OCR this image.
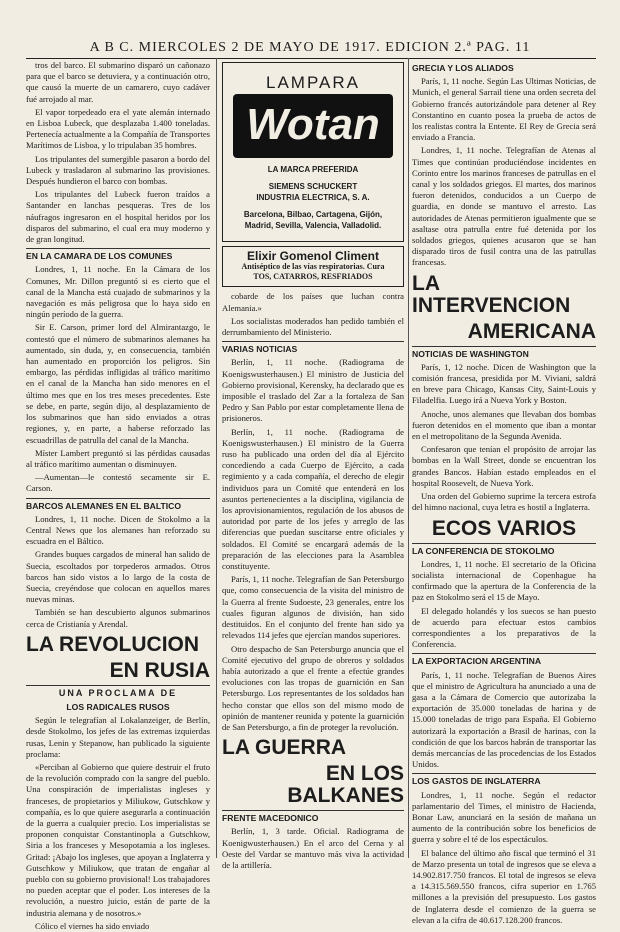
A B C. MIERCOLES 2 DE MAYO DE 1917. EDICION 2.ª PAG. 11

tros del barco. El submarino disparó un cañonazo para que el barco se detuviera, y a continuación otro, que causó la muerte de un camarero, cuyo cadáver fué arrojado al mar.

El vapor torpedeado era el yate alemán internado en Lisboa Lubeck, que desplazaba 1.400 toneladas. Pertenecía actualmente a la Compañía de Transportes Marítimos de Lisboa, y lo tripulaban 35 hombres.

Los tripulantes del sumergible pasaron a bordo del Lubeck y trasladaron al submarino las provisiones. Después hundieron el barco con bombas.

Los tripulantes del Lubeck fueron traídos a Santander en lanchas pesqueras. Tres de los náufragos ingresaron en el hospital heridos por los disparos del submarino, el cual era muy moderno y de gran longitud.

EN LA CAMARA DE LOS COMUNES

Londres, 1, 11 noche. En la Cámara de los Comunes, Mr. Dillon preguntó si es cierto que el canal de la Mancha está cuajado de submarinos y la navegación es más peligrosa que lo haya sido en ningún período de la guerra.

Sir E. Carson, primer lord del Almirantazgo, le contestó que el número de submarinos alemanes ha aumentado, sin duda, y, en consecuencia, también han aumentado en proporción los peligros. Sin embargo, las pérdidas infligidas al tráfico marítimo en el canal de la Mancha han sido menores en el último mes que en los tres meses precedentes. Este se debe, en parte, según dijo, al desplazamiento de los submarinos que han sido enviados a otras regiones, y, en parte, a haberse reforzado las escuadrillas de patrulla del canal de la Mancha.

Míster Lambert preguntó si las pérdidas causadas al tráfico marítimo aumentan o disminuyen.

—Aumentan—le contestó secamente sir E. Carson.

BARCOS ALEMANES EN EL BALTICO

Londres, 1, 11 noche. Dicen de Stokolmo a la Central News que los alemanes han reforzado su escuadra en el Báltico.

Grandes buques cargados de mineral han salido de Suecia, escoltados por torpederos armados. Otros barcos han sido vistos a lo largo de la costa de Suecia, creyéndose que colocan en aquellos mares nuevas minas.

También se han descubierto algunos submarinos cerca de Cristianía y Arendal.

LA REVOLUCION
EN RUSIA
UNA PROCLAMA DE
LOS RADICALES RUSOS

Según le telegrafían al Lokalanzeiger, de Berlín, desde Stokolmo, los jefes de las extremas izquierdas rusas, Lenin y Stepanow, han publicado la siguiente proclama:

«Perciban al Gobierno que quiere destruir el fruto de la revolución comprado con la sangre del pueblo. Una conspiración de imperialistas ingleses y franceses, de propietarios y Miliukow, Gutschkow y compañía, es lo que quiere asegurarla a continuación de la guerra a cualquier precio. Los imperialistas se proponen conquistar Constantinopla a Gutschkow, Siria a los franceses y Mesopotamia a los ingleses. Gritad: ¡Abajo los ingleses, que apoyan a Inglaterra y Gutschkow y Miliukow, que tratan de engañar al pueblo con su gobierno provisional! Los trabajadores no pueden aceptar que el poder. Los intereses de la revolución, a nuestro juicio, están de parte de la industria alemana y de nosotros.»

Cólico el viernes ha sido enviado

LAMPARA
Wotan
LA MARCA PREFERIDA
SIEMENS SCHUCKERT
INDUSTRIA ELECTRICA, S. A.
Barcelona, Bilbao, Cartagena, Gijón,
Madrid, Sevilla, Valencia, Valladolid.
Elixir Gomenol Climent
Antiséptico de las vías respiratorias. Cura
TOS, CATARROS, RESFRIADOS

cobarde de los países que luchan contra Alemania.»

Los socialistas moderados han pedido también el derrumbamiento del Ministerio.

VARIAS NOTICIAS

Berlín, 1, 11 noche. (Radiograma de Koenigswusterhausen.) El ministro de Justicia del Gobierno provisional, Kerensky, ha declarado que es imposible el traslado del Zar a la fortaleza de San Pedro y San Pablo por estar completamente llena de prisioneros.

Berlín, 1, 11 noche. (Radiograma de Koenigswusterhausen.) El ministro de la Guerra ruso ha publicado una orden del día al Ejército concediendo a cada Cuerpo de Ejército, a cada regimiento y a cada compañía, el derecho de elegir individuos para un Comité que entenderá en los asuntos pertenecientes a la disciplina, vigilancia de los aprovisionamientos, regulación de los abusos de autoridad por parte de los jefes y arreglo de las diferencias que puedan suscitarse entre oficiales y soldados. El Comité se encargará además de la preparación de las elecciones para la Asamblea constituyente.

París, 1, 11 noche. Telegrafían de San Petersburgo que, como consecuencia de la visita del ministro de la Guerra al frente Sudoeste, 23 generales, entre los cuales figuran algunos de división, han sido destituidos. En el conjunto del frente han sido ya relevados 114 jefes que ejercían mandos superiores.

Otro despacho de San Petersburgo anuncia que el Comité ejecutivo del grupo de obreros y soldados había autorizado a que el frente a efectúe grandes evoluciones con las tropas de guarnición en San Petersburgo. Los representantes de los soldados han hecho constar que ellos son del mismo modo de opinión de mantener reunida y potente la guarnición de San Petersburgo, a fin de proteger la revolución.

LA GUERRA
EN LOS BALKANES
FRENTE MACEDONICO

Berlín, 1, 3 tarde. Oficial. Radiograma de Koenigwusterhausen.) En el arco del Cerna y al Oeste del Vardar se mantuvo más viva la actividad de la artillería.

GRECIA Y LOS ALIADOS

París, 1, 11 noche. Según Las Ultimas Noticias, de Munich, el general Sarrail tiene una orden secreta del Gobierno francés autorizándole para detener al Rey Constantino en cuanto posea la prueba de actos de los realistas contra la Entente. El Rey de Grecia será enviado a Francia.

Londres, 1, 11 noche. Telegrafían de Atenas al Times que continúan produciéndose incidentes en Corinto entre los marinos franceses de patrullas en el canal y los soldados griegos. El martes, dos marinos fueron detenidos, conducidos a un Cuerpo de guardia, en donde se mantuvo el arresto. Las autoridades de Atenas permitieron igualmente que se asaltase otra patrulla entre fué detenida por los soldados griegos, quienes acusaron que se han disparado tiros de fusil contra una de las patrullas francesas.

LA INTERVENCION
AMERICANA
NOTICIAS DE WASHINGTON

París, 1, 12 noche. Dicen de Washington que la comisión francesa, presidida por M. Viviani, saldrá en breve para Chicago, Kansas City, Saint-Louis y Filadelfia. Luego irá a Nueva York y Boston.

Anoche, unos alemanes que llevaban dos bombas fueron detenidos en el momento que iban a montar en el metropolitano de la Segunda Avenida.

Confesaron que tenían el propósito de arrojar las bombas en la Wall Street, donde se encuentran los grandes Bancos. Habían estado empleados en el hospital Roosevelt, de Nueva York.

Una orden del Gobierno suprime la tercera estrofa del himno nacional, cuya letra es hostil a Inglaterra.

ECOS VARIOS
LA CONFERENCIA DE STOKOLMO

Londres, 1, 11 noche. El secretario de la Oficina socialista internacional de Copenhague ha confirmado que la apertura de la Conferencia de la paz en Stokolmo será el 15 de Mayo.

El delegado holandés y los suecos se han puesto de acuerdo para efectuar estos cambios correspondientes a los preparativos de la Conferencia.

LA EXPORTACION ARGENTINA

París, 1, 11 noche. Telegrafían de Buenos Aires que el ministro de Agricultura ha anunciado a una de gasa a la Cámara de Comercio que autorizaba la exportación de 35.000 toneladas de harina y de 15.000 toneladas de trigo para España. El Gobierno autorizará la exportación a Brasil de harinas, con la condición de que los barcos habrán de transportar las demás mercancías de las procedencias de los Estados Unidos.

LOS GASTOS DE INGLATERRA

Londres, 1, 11 noche. Según el redactor parlamentario del Times, el ministro de Hacienda, Bonar Law, anunciará en la sesión de mañana un aumento de la contribución sobre los beneficios de guerra y sobre el té de los espectáculos.

El balance del último año fiscal que terminó el 31 de Marzo presenta un total de ingresos que se eleva a 14.902.817.750 francos. El total de ingresos se eleva a 14.315.569.550 francos, cifra superior en 1.765 millones a la previsión del presupuesto. Los gastos de Inglaterra desde el comienzo de la guerra se elevan a la cifra de 40.617.128.200 francos.
